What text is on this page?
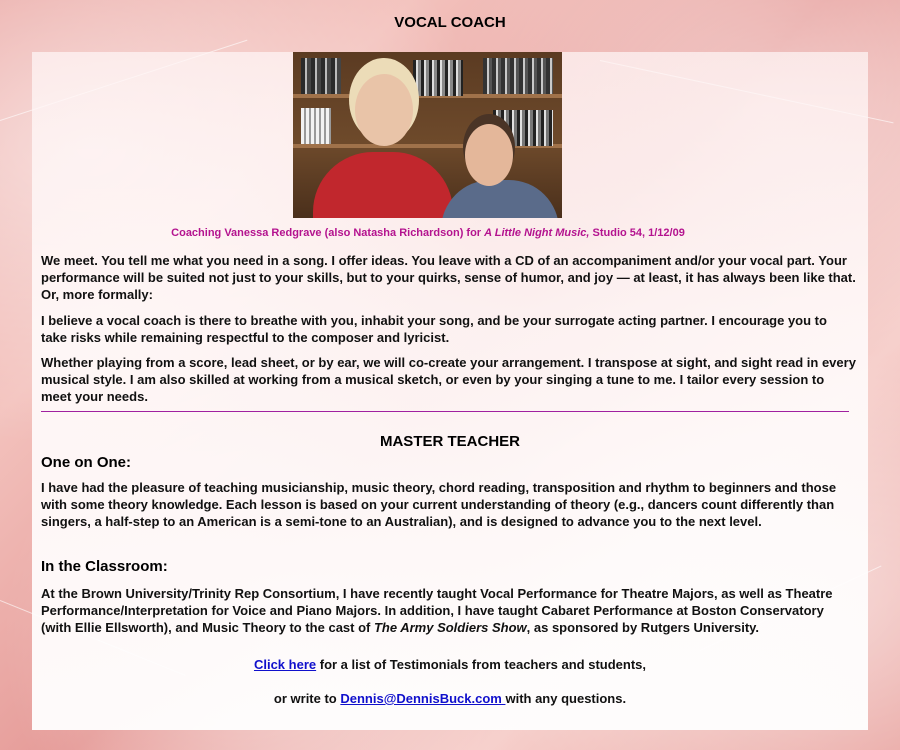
VOCAL COACH

Coaching Vanessa Redgrave (also Natasha Richardson) for A Little Night Music, Studio 54, 1/12/09

We meet. You tell me what you need in a song. I offer ideas. You leave with a CD of an accompaniment and/or your vocal part. Your performance will be suited not just to your skills, but to your quirks, sense of humor, and joy — at least, it has always been like that. Or, more formally:

I believe a vocal coach is there to breathe with you, inhabit your song, and be your surrogate acting partner. I encourage you to take risks while remaining respectful to the composer and lyricist.

Whether playing from a score, lead sheet, or by ear, we will co-create your arrangement. I transpose at sight, and sight read in every musical style. I am also skilled at working from a musical sketch, or even by your singing a tune to me. I tailor every session to meet your needs.

MASTER TEACHER
One on One:

I have had the pleasure of teaching musicianship, music theory, chord reading, transposition and rhythm to beginners and those with some theory knowledge. Each lesson is based on your current understanding of theory (e.g., dancers count differently than singers, a half-step to an American is a semi-tone to an Australian), and is designed to advance you to the next level.

In the Classroom:

At the Brown University/Trinity Rep Consortium, I have recently taught Vocal Performance for Theatre Majors, as well as Theatre Performance/Interpretation for Voice and Piano Majors. In addition, I have taught Cabaret Performance at Boston Conservatory (with Ellie Ellsworth), and Music Theory to the cast of The Army Soldiers Show, as sponsored by Rutgers University.

Click here for a list of Testimonials from teachers and students,

or write to Dennis@DennisBuck.com with any questions.
